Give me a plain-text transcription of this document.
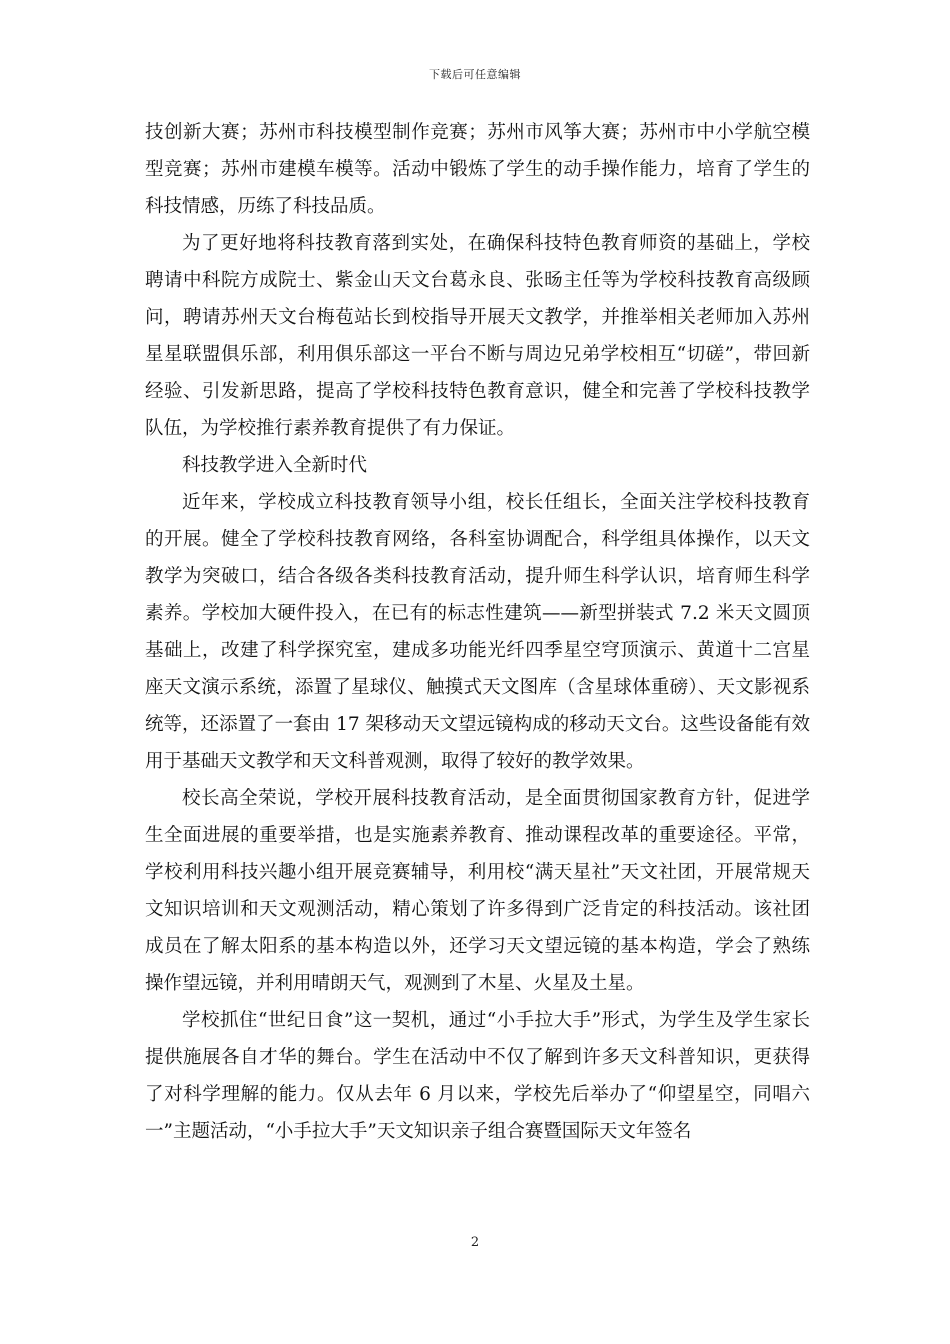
下载后可任意编辑

技创新大赛；苏州市科技模型制作竞赛；苏州市风筝大赛；苏州市中小学航空模型竞赛；苏州市建模车模等。活动中锻炼了学生的动手操作能力，培育了学生的科技情感，历练了科技品质。

为了更好地将科技教育落到实处，在确保科技特色教育师资的基础上，学校聘请中科院方成院士、紫金山天文台葛永良、张旸主任等为学校科技教育高级顾问，聘请苏州天文台梅苞站长到校指导开展天文教学，并推举相关老师加入苏州星星联盟俱乐部，利用俱乐部这一平台不断与周边兄弟学校相互“切磋”，带回新经验、引发新思路，提高了学校科技特色教育意识，健全和完善了学校科技教学队伍，为学校推行素养教育提供了有力保证。

科技教学进入全新时代

近年来，学校成立科技教育领导小组，校长任组长，全面关注学校科技教育的开展。健全了学校科技教育网络，各科室协调配合，科学组具体操作，以天文教学为突破口，结合各级各类科技教育活动，提升师生科学认识，培育师生科学素养。学校加大硬件投入，在已有的标志性建筑——新型拼装式 7.2 米天文圆顶基础上，改建了科学探究室，建成多功能光纤四季星空穹顶演示、黄道十二宫星座天文演示系统，添置了星球仪、触摸式天文图库（含星球体重磅）、天文影视系统等，还添置了一套由 17 架移动天文望远镜构成的移动天文台。这些设备能有效用于基础天文教学和天文科普观测，取得了较好的教学效果。

校长高全荣说，学校开展科技教育活动，是全面贯彻国家教育方针，促进学生全面进展的重要举措，也是实施素养教育、推动课程改革的重要途径。平常，学校利用科技兴趣小组开展竞赛辅导，利用校“满天星社”天文社团，开展常规天文知识培训和天文观测活动，精心策划了许多得到广泛肯定的科技活动。该社团成员在了解太阳系的基本构造以外，还学习天文望远镜的基本构造，学会了熟练操作望远镜，并利用晴朗天气，观测到了木星、火星及土星。

学校抓住“世纪日食”这一契机，通过“小手拉大手”形式，为学生及学生家长提供施展各自才华的舞台。学生在活动中不仅了解到许多天文科普知识，更获得了对科学理解的能力。仅从去年 6 月以来，学校先后举办了“仰望星空，同唱六一”主题活动，“小手拉大手”天文知识亲子组合赛暨国际天文年签名

2
